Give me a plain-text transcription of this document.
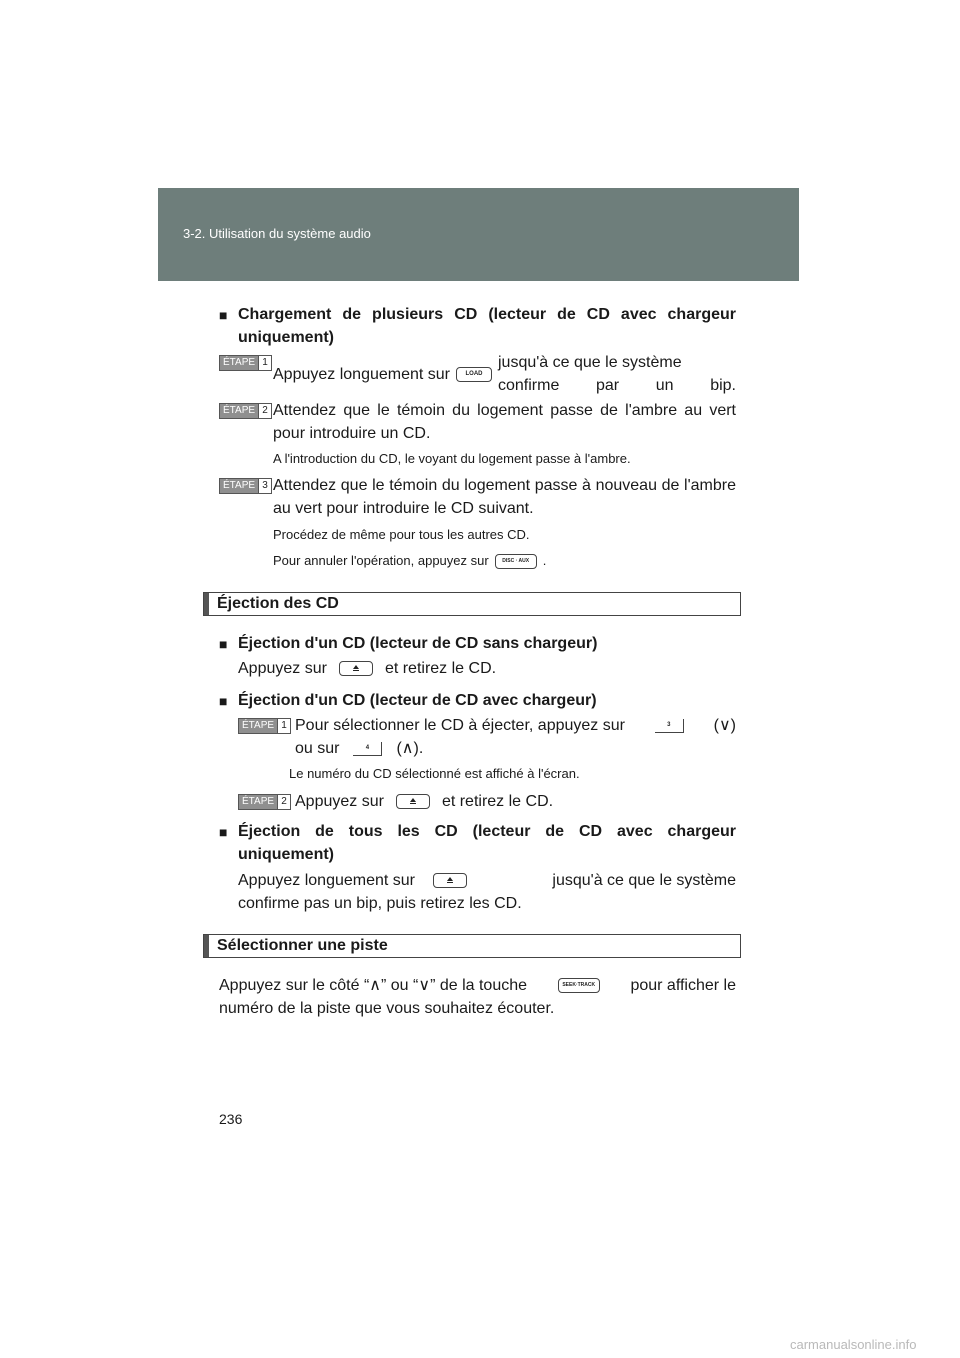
3-2. Utilisation du système audio
■ Chargement de plusieurs CD (lecteur de CD avec chargeur uniquement)
ÉTAPE 1
Appuyez longuement sur	LOAD
jusqu'à ce que le système confirme par un bip.

ÉTAPE 2 Attendez que le témoin du logement passe de l'ambre au vert pour introduire un CD.
A l'introduction du CD, le voyant du logement passe à l'ambre.
ÉTAPE 3 Attendez que le témoin du logement passe à nouveau de l'ambre au vert pour introduire le CD suivant.
Procédez de même pour tous les autres CD.
Pour annuler l'opération, appuyez sur	DISC · AUX .
Éjection des CD
■ Éjection d'un CD (lecteur de CD sans chargeur)
Appuyez sur	et retirez le CD.
■ Éjection d'un CD (lecteur de CD avec chargeur)
ÉTAPE 1 Pour sélectionner le CD à éjecter, appuyez sur	3	(∨)
ou sur	4 (∧).
Le numéro du CD sélectionné est affiché à l'écran.
ÉTAPE 2 Appuyez sur	et retirez le CD.
■ Éjection de tous les CD (lecteur de CD avec chargeur uniquement)
Appuyez longuement sur	jusqu'à ce que le système
confirme pas un bip, puis retirez les CD.
Sélectionner une piste
Appuyez sur le côté “∧” ou “∨” de la touche	SEEK·TRACK pour afficher le
numéro de la piste que vous souhaitez écouter.
236
carmanualsonline.info
